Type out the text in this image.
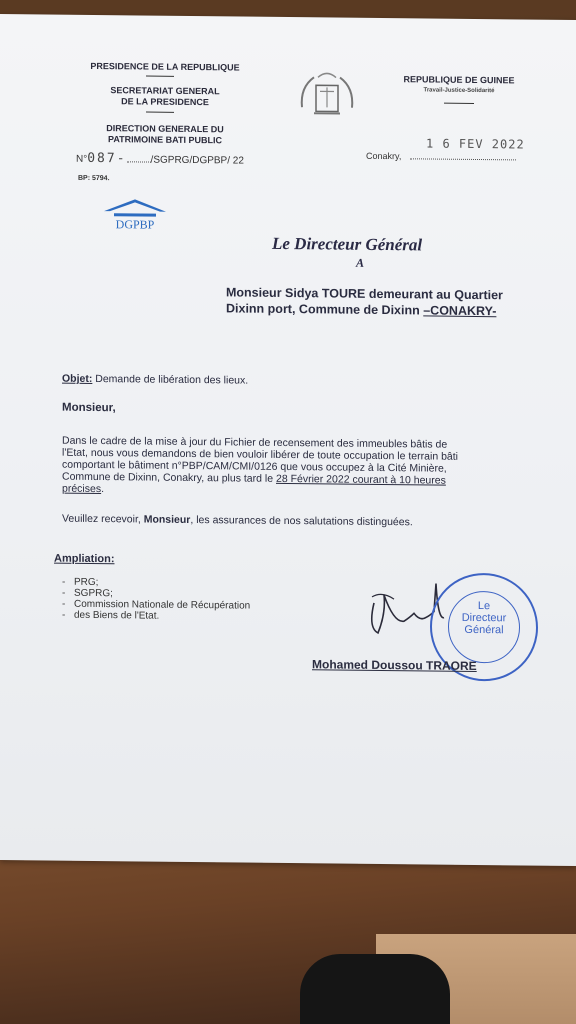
PRESIDENCE DE LA REPUBLIQUE
SECRETARIAT GENERAL
DE LA PRESIDENCE
DIRECTION GENERALE DU
PATRIMOINE BATI PUBLIC
N°087- /SGPRG/DGPBP/ 22
BP: 5794.
DGPBP
REPUBLIQUE DE GUINEE
Travail-Justice-Solidarité
Conakry,
1 6 FEV 2022
Le Directeur Général
A
Monsieur Sidya TOURE demeurant au Quartier
Dixinn port, Commune de Dixinn –CONAKRY-
Objet: Demande de libération des lieux.
Monsieur,
Dans le cadre de la mise à jour du Fichier de recensement des immeubles bâtis de
l'Etat, nous vous demandons de bien vouloir libérer de toute occupation le terrain bâti
comportant le bâtiment n°PBP/CAM/CMI/0126 que vous occupez à la Cité Minière,
Commune de Dixinn, Conakry, au plus tard le 28 Février 2022 courant à 10 heures
précises.
Veuillez recevoir, Monsieur, les assurances de nos salutations distinguées.
Ampliation:
- PRG;
- SGPRG;
- Commission Nationale de Récupération
- des Biens de l'Etat.
Le
Directeur
Général
Mohamed Doussou TRAORE
